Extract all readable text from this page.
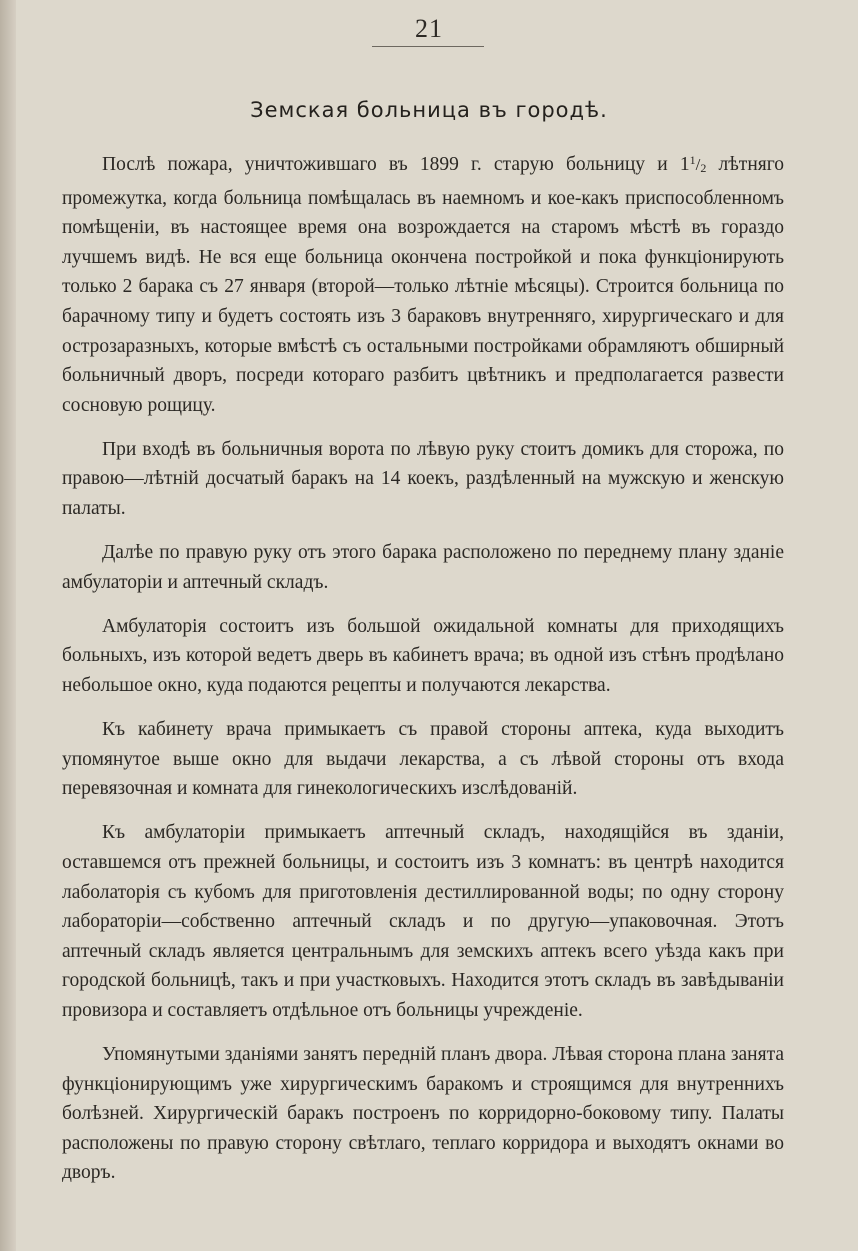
21
Земская больница въ городѣ.

Послѣ пожара, уничтожившаго въ 1899 г. старую больницу и $1^1/2$ лѣтняго промежутка, когда больница помѣщалась въ наемномъ и кое-какъ приспособленномъ помѣщеніи, въ настоящее время она возрождается на старомъ мѣстѣ въ гораздо лучшемъ видѣ. Не вся еще больница окончена постройкой и пока функціонирують только 2 барака съ 27 января (второй—только лѣтніе мѣсяцы). Строится больница по барачному типу и будетъ состоять изъ 3 бараковъ внутренняго, хирургическаго и для острозаразныхъ, которые вмѣстѣ съ остальными постройками обрамляютъ обширный больничный дворъ, посреди котораго разбитъ цвѣтникъ и предполагается развести сосновую рощицу.

При входѣ въ больничныя ворота по лѣвую руку стоитъ домикъ для сторожа, по правою—лѣтній досчатый баракъ на 14 коекъ, раздѣленный на мужскую и женскую палаты.

Далѣе по правую руку отъ этого барака расположено по переднему плану зданіе амбулаторіи и аптечный складъ.

Амбулаторія состоитъ изъ большой ожидальной комнаты для приходящихъ больныхъ, изъ которой ведетъ дверь въ кабинетъ врача; въ одной изъ стѣнъ продѣлано небольшое окно, куда подаются рецепты и получаются лекарства.

Къ кабинету врача примыкаетъ съ правой стороны аптека, куда выходитъ упомянутое выше окно для выдачи лекарства, а съ лѣвой стороны отъ входа перевязочная и комната для гинекологическихъ изслѣдованій.

Къ амбулаторіи примыкаетъ аптечный складъ, находящійся въ зданіи, оставшемся отъ прежней больницы, и состоитъ изъ 3 комнатъ: въ центрѣ находится лаболаторія съ кубомъ для приготовленія дестиллированной воды; по одну сторону лабораторіи—собственно аптечный складъ и по другую—упаковочная. Этотъ аптечный складъ является центральнымъ для земскихъ аптекъ всего уѣзда какъ при городской больницѣ, такъ и при участковыхъ. Находится этотъ складъ въ завѣдываніи провизора и составляетъ отдѣльное отъ больницы учрежденіе.

Упомянутыми зданіями занятъ передній планъ двора. Лѣвая сторона плана занята функціонирующимъ уже хирургическимъ баракомъ и строящимся для внутреннихъ болѣзней. Хирургическій баракъ построенъ по корридорно-боковому типу. Палаты расположены по правую сторону свѣтлаго, теплаго корридора и выходятъ окнами во дворъ.
